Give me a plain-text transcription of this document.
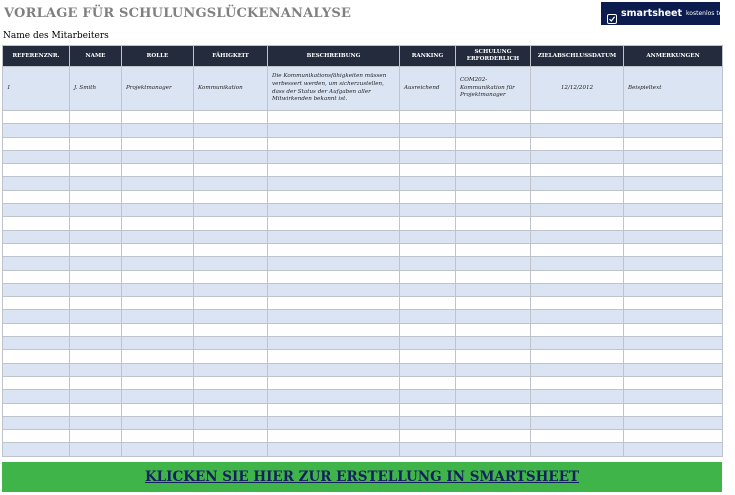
VORLAGE FÜR SCHULUNGSLÜCKENANALYSE	smartsheet kostenlos testen
Name des Mitarbeiters
REFERENZNR.	NAME	ROLLE	FÄHIGKEIT	BESCHREIBUNG	RANKING	SCHULUNG ERFORDERLICH	ZIELABSCHLUSSDATUM	ANMERKUNGEN
1	J. Smith	Projektmanager	Kommunikation	Die Kommunikationsfähigkeiten müssen verbessert werden, um sicherzustellen, dass der Status der Aufgaben aller Mitwirkenden bekannt ist.	Ausreichend	COM202-Kommunikation für Projektmanager	12/12/2012	Beispieltext

KLICKEN SIE HIER ZUR ERSTELLUNG IN SMARTSHEET
